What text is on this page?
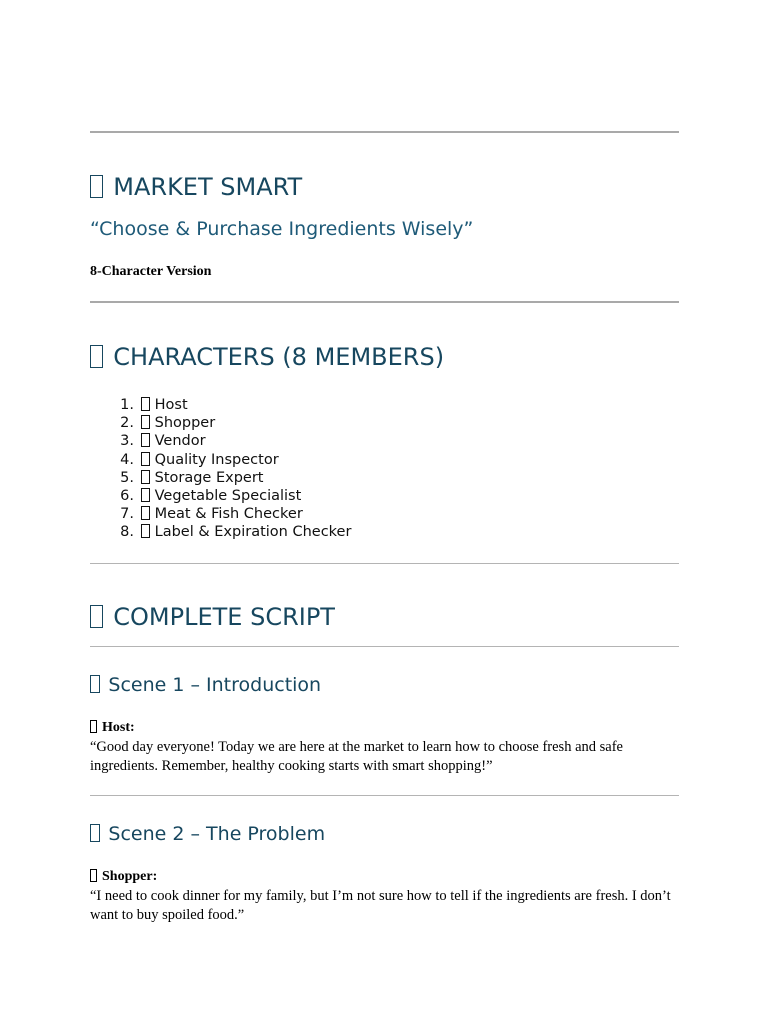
MARKET SMART
“Choose & Purchase Ingredients Wisely”
8-Character Version
CHARACTERS (8 MEMBERS)
1. Host
2. Shopper
3. Vendor
4. Quality Inspector
5. Storage Expert
6. Vegetable Specialist
7. Meat & Fish Checker
8. Label & Expiration Checker
COMPLETE SCRIPT
Scene 1 – Introduction
Host:

“Good day everyone! Today we are here at the market to learn how to choose fresh and safe ingredients. Remember, healthy cooking starts with smart shopping!”

Scene 2 – The Problem
Shopper:

“I need to cook dinner for my family, but I’m not sure how to tell if the ingredients are fresh. I don’t want to buy spoiled food.”
